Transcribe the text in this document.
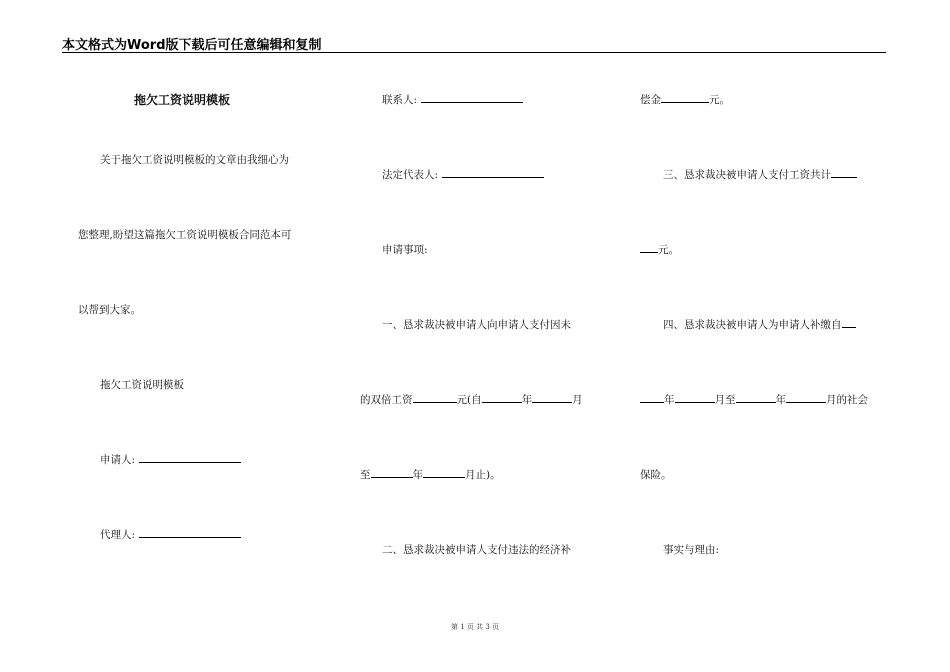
本文格式为Word版下载后可任意编辑和复制
拖欠工资说明模板
关于拖欠工资说明模板的文章由我细心为
您整理,盼望这篇拖欠工资说明模板合同范本可
以帮到大家。
拖欠工资说明模板
申请人:
代理人:
联系人:
法定代表人:
申请事项:
一、恳求裁决被申请人向申请人支付因未
的双倍工资	元(自	年	月
至	年	月止)。
二、恳求裁决被申请人支付违法的经济补
偿金	元。
三、恳求裁决被申请人支付工资共计
元。
四、恳求裁决被申请人为申请人补缴自
年	月至	年	月的社会
保险。
事实与理由:
第 1 页 共 3 页
